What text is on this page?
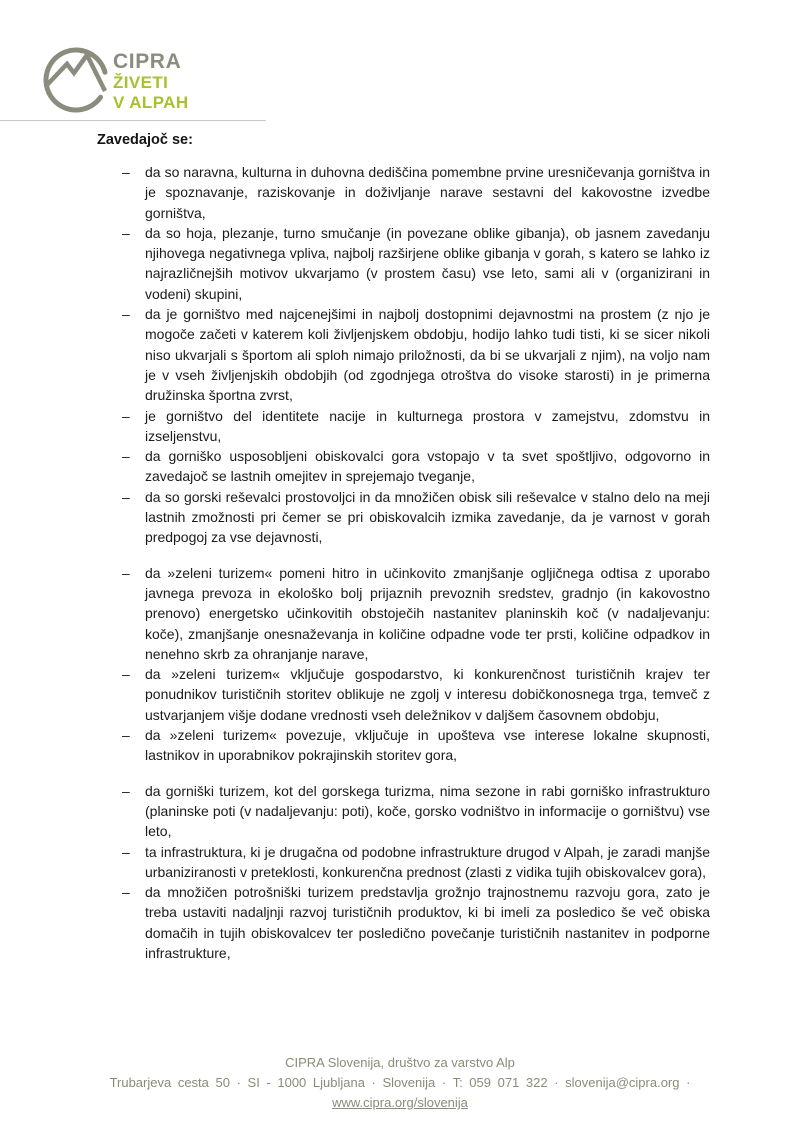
CIPRA
ŽIVETI
V ALPAH
Zavedajoč se:
– da so naravna, kulturna in duhovna dediščina pomembne prvine uresničevanja gorništva in je spoznavanje, raziskovanje in doživljanje narave sestavni del kakovostne izvedbe gorništva,
– da so hoja, plezanje, turno smučanje (in povezane oblike gibanja), ob jasnem zavedanju njihovega negativnega vpliva, najbolj razširjene oblike gibanja v gorah, s katero se lahko iz najrazličnejših motivov ukvarjamo (v prostem času) vse leto, sami ali v (organizirani in vodeni) skupini,
– da je gorništvo med najcenejšimi in najbolj dostopnimi dejavnostmi na prostem (z njo je mogoče začeti v katerem koli življenjskem obdobju, hodijo lahko tudi tisti, ki se sicer nikoli niso ukvarjali s športom ali sploh nimajo priložnosti, da bi se ukvarjali z njim), na voljo nam je v vseh življenjskih obdobjih (od zgodnjega otroštva do visoke starosti) in je primerna družinska športna zvrst,
– je gorništvo del identitete nacije in kulturnega prostora v zamejstvu, zdomstvu in izseljenstvu,
– da gorniško usposobljeni obiskovalci gora vstopajo v ta svet spoštljivo, odgovorno in zavedajoč se lastnih omejitev in sprejemajo tveganje,
– da so gorski reševalci prostovoljci in da množičen obisk sili reševalce v stalno delo na meji lastnih zmožnosti pri čemer se pri obiskovalcih izmika zavedanje, da je varnost v gorah predpogoj za vse dejavnosti,
– da »zeleni turizem« pomeni hitro in učinkovito zmanjšanje ogljičnega odtisa z uporabo javnega prevoza in ekološko bolj prijaznih prevoznih sredstev, gradnjo (in kakovostno prenovo) energetsko učinkovitih obstoječih nastanitev planinskih koč (v nadaljevanju: koče), zmanjšanje onesnaževanja in količine odpadne vode ter prsti, količine odpadkov in nenehno skrb za ohranjanje narave,
– da »zeleni turizem« vključuje gospodarstvo, ki konkurenčnost turističnih krajev ter ponudnikov turističnih storitev oblikuje ne zgolj v interesu dobičkonosnega trga, temveč z ustvarjanjem višje dodane vrednosti vseh deležnikov v daljšem časovnem obdobju,
– da »zeleni turizem« povezuje, vključuje in upošteva vse interese lokalne skupnosti, lastnikov in uporabnikov pokrajinskih storitev gora,
– da gorniški turizem, kot del gorskega turizma, nima sezone in rabi gorniško infrastrukturo (planinske poti (v nadaljevanju: poti), koče, gorsko vodništvo in informacije o gorništvu) vse leto,
– ta infrastruktura, ki je drugačna od podobne infrastrukture drugod v Alpah, je zaradi manjše urbaniziranosti v preteklosti, konkurenčna prednost (zlasti z vidika tujih obiskovalcev gora),
– da množičen potrošniški turizem predstavlja grožnjo trajnostnemu razvoju gora, zato je treba ustaviti nadaljnji razvoj turističnih produktov, ki bi imeli za posledico še več obiska domačih in tujih obiskovalcev ter posledično povečanje turističnih nastanitev in podporne infrastrukture,
CIPRA Slovenija, društvo za varstvo Alp
Trubarjeva cesta 50 · SI - 1000 Ljubljana · Slovenija · T: 059 071 322 · slovenija@cipra.org ·
www.cipra.org/slovenija
